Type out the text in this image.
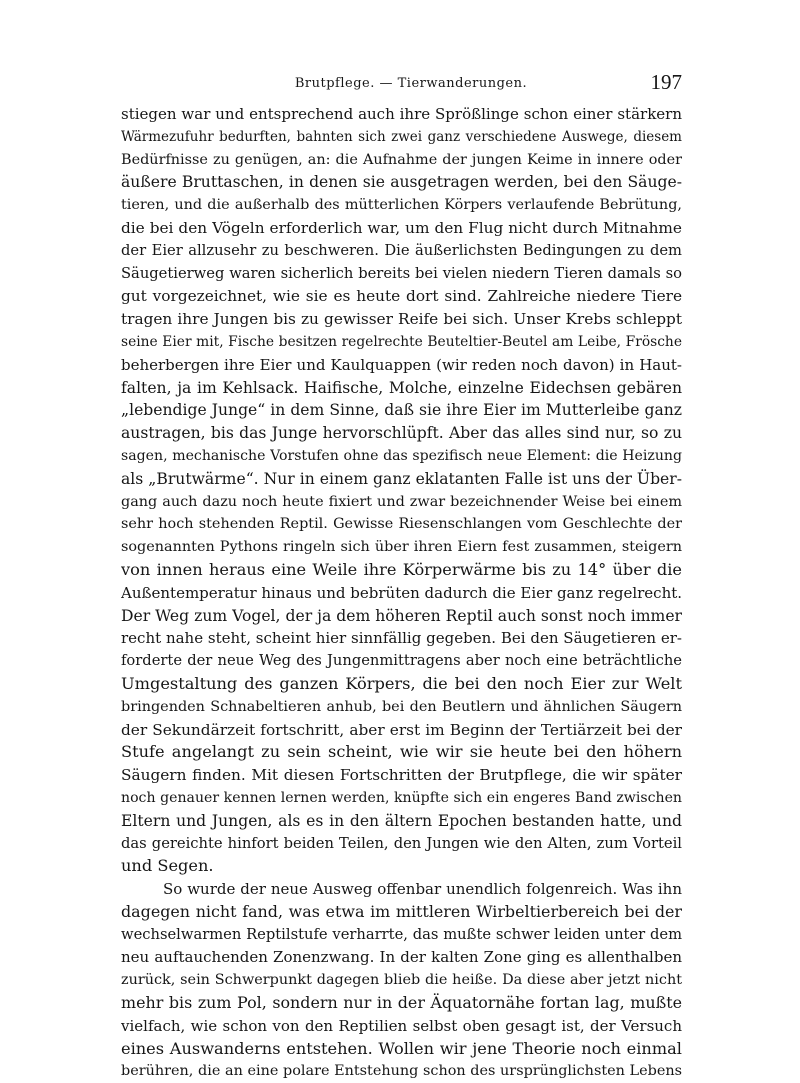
Brutpflege. — Tierwanderungen.	197
stiegen war und entsprechend auch ihre Sprößlinge schon einer stärkern
Wärmezufuhr bedurften, bahnten sich zwei ganz verschiedene Auswege, diesem
Bedürfnisse zu genügen, an: die Aufnahme der jungen Keime in innere oder
äußere Bruttaschen, in denen sie ausgetragen werden, bei den Säuge-
tieren, und die außerhalb des mütterlichen Körpers verlaufende Bebrütung,
die bei den Vögeln erforderlich war, um den Flug nicht durch Mitnahme
der Eier allzusehr zu beschweren. Die äußerlichsten Bedingungen zu dem
Säugetierweg waren sicherlich bereits bei vielen niedern Tieren damals so
gut vorgezeichnet, wie sie es heute dort sind. Zahlreiche niedere Tiere
tragen ihre Jungen bis zu gewisser Reife bei sich. Unser Krebs schleppt
seine Eier mit, Fische besitzen regelrechte Beuteltier-Beutel am Leibe, Frösche
beherbergen ihre Eier und Kaulquappen (wir reden noch davon) in Haut-
falten, ja im Kehlsack. Haifische, Molche, einzelne Eidechsen gebären
„lebendige Junge“ in dem Sinne, daß sie ihre Eier im Mutterleibe ganz
austragen, bis das Junge hervorschlüpft. Aber das alles sind nur, so zu
sagen, mechanische Vorstufen ohne das spezifisch neue Element: die Heizung
als „Brutwärme“. Nur in einem ganz eklatanten Falle ist uns der Über-
gang auch dazu noch heute fixiert und zwar bezeichnender Weise bei einem
sehr hoch stehenden Reptil. Gewisse Riesenschlangen vom Geschlechte der
sogenannten Pythons ringeln sich über ihren Eiern fest zusammen, steigern
von innen heraus eine Weile ihre Körperwärme bis zu 14° über die
Außentemperatur hinaus und bebrüten dadurch die Eier ganz regelrecht.
Der Weg zum Vogel, der ja dem höheren Reptil auch sonst noch immer
recht nahe steht, scheint hier sinnfällig gegeben. Bei den Säugetieren er-
forderte der neue Weg des Jungenmittragens aber noch eine beträchtliche
Umgestaltung des ganzen Körpers, die bei den noch Eier zur Welt
bringenden Schnabeltieren anhub, bei den Beutlern und ähnlichen Säugern
der Sekundärzeit fortschritt, aber erst im Beginn der Tertiärzeit bei der
Stufe angelangt zu sein scheint, wie wir sie heute bei den höhern
Säugern finden. Mit diesen Fortschritten der Brutpflege, die wir später
noch genauer kennen lernen werden, knüpfte sich ein engeres Band zwischen
Eltern und Jungen, als es in den ältern Epochen bestanden hatte, und
das gereichte hinfort beiden Teilen, den Jungen wie den Alten, zum Vorteil
und Segen.
So wurde der neue Ausweg offenbar unendlich folgenreich. Was ihn
dagegen nicht fand, was etwa im mittleren Wirbeltierbereich bei der
wechselwarmen Reptilstufe verharrte, das mußte schwer leiden unter dem
neu auftauchenden Zonenzwang. In der kalten Zone ging es allenthalben
zurück, sein Schwerpunkt dagegen blieb die heiße. Da diese aber jetzt nicht
mehr bis zum Pol, sondern nur in der Äquatornähe fortan lag, mußte
vielfach, wie schon von den Reptilien selbst oben gesagt ist, der Versuch
eines Auswanderns entstehen. Wollen wir jene Theorie noch einmal
berühren, die an eine polare Entstehung schon des ursprünglichsten Lebens
